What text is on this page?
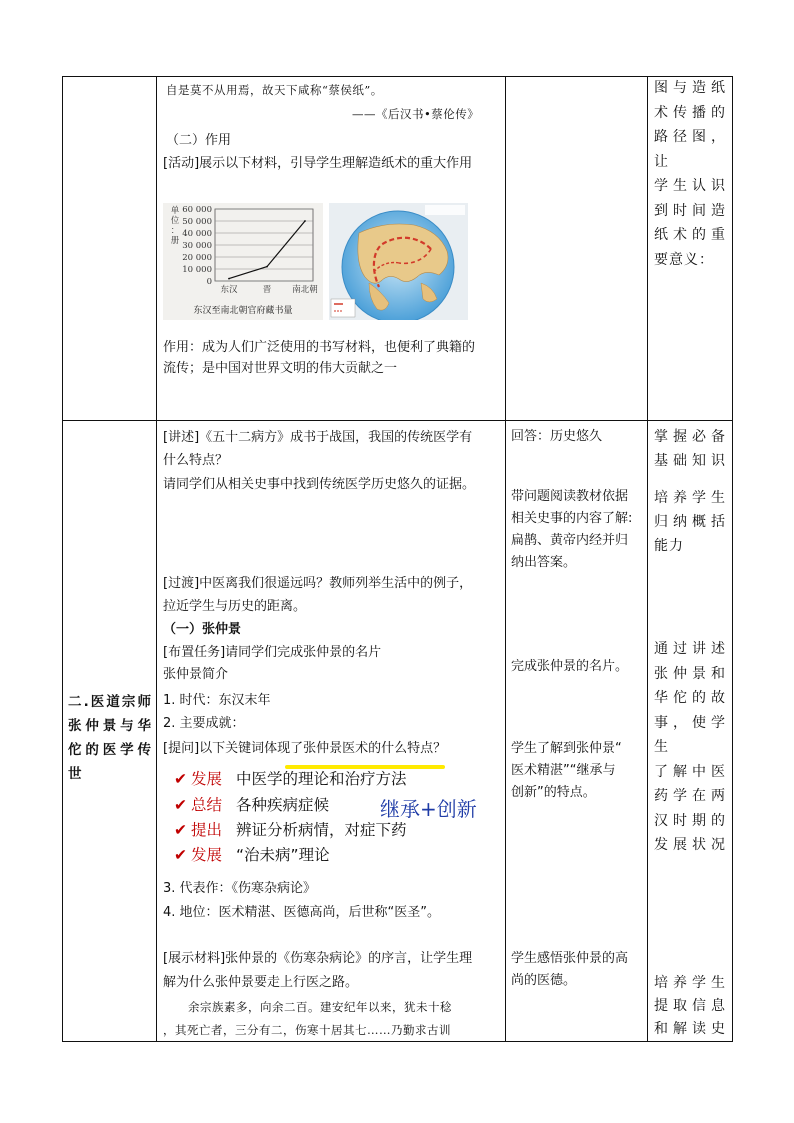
自是莫不从用焉，故天下咸称“蔡侯纸”。
——《后汉书•蔡伦传》
（二）作用
[活动]展示以下材料，引导学生理解造纸术的重大作用
0
10 000
20 000
30 000
40 000
50 000
60 000
单
位
：
册
东汉	晋 南北朝
东汉至南北朝官府藏书量
作用：成为人们广泛使用的书写材料，也便利了典籍的
流传；是中国对世界文明的伟大贡献之一
图与造纸
术传播的
路径图，让
学生认识
到时间造
纸术的重
要意义：
二.医道宗师
张仲景与华
佗的医学传
世
[讲述]《五十二病方》成书于战国，我国的传统医学有
什么特点？
请同学们从相关史事中找到传统医学历史悠久的证据。
[过渡]中医离我们很遥远吗？教师列举生活中的例子，
拉近学生与历史的距离。
（一）张仲景
[布置任务]请同学们完成张仲景的名片
张仲景简介
1. 时代：东汉末年
2. 主要成就：
[提问]以下关键词体现了张仲景医术的什么特点？
✔ 发展 中医学的理论和治疗方法
✔ 总结 各种疾病症候
✔ 提出 辨证分析病情，对症下药
✔ 发展 “治未病”理论
继承+创新
3. 代表作：《伤寒杂病论》
4. 地位：医术精湛、医德高尚，后世称“医圣”。
[展示材料]张仲景的《伤寒杂病论》的序言，让学生理
解为什么张仲景要走上行医之路。
余宗族素多，向余二百。建安纪年以来，犹未十稔
，其死亡者，三分有二，伤寒十居其七……乃勤求古训
回答：历史悠久
带问题阅读教材依据
相关史事的内容了解:
扁鹊、黄帝内经并归
纳出答案。
完成张仲景的名片。
学生了解到张仲景“
医术精湛”“继承与
创新”的特点。
学生感悟张仲景的高
尚的医德。
掌握必备
基础知识
培养学生
归纳概括
能力
通过讲述
张仲景和
华佗的故
事，使学生
了解中医
药学在两
汉时期的
发展状况
培养学生
提取信息
和解读史
